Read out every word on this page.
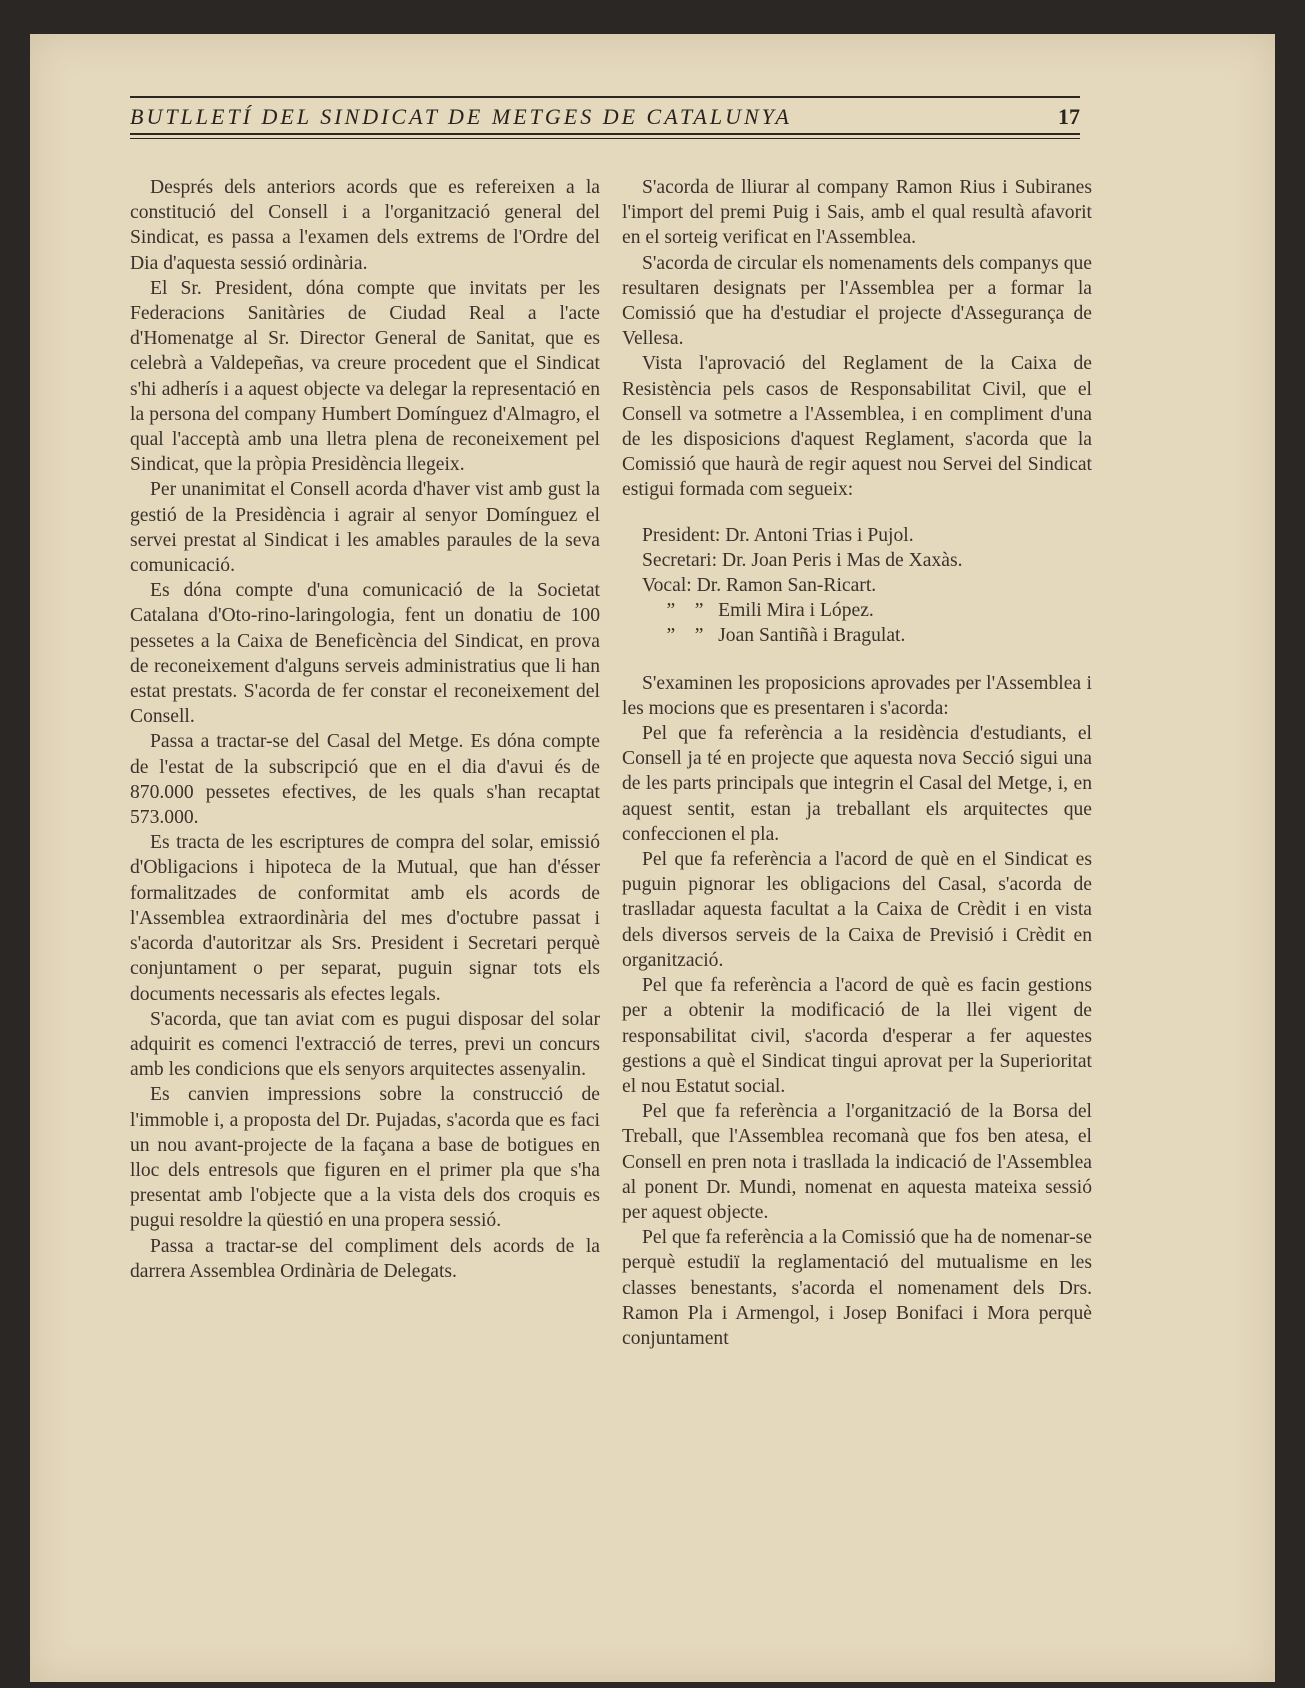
BUTLLETÍ DEL SINDICAT DE METGES DE CATALUNYA	17

Després dels anteriors acords que es refereixen a la constitució del Consell i a l'organització general del Sindicat, es passa a l'examen dels extrems de l'Ordre del Dia d'aquesta sessió ordinària.

El Sr. President, dóna compte que invitats per les Federacions Sanitàries de Ciudad Real a l'acte d'Homenatge al Sr. Director General de Sanitat, que es celebrà a Valdepeñas, va creure procedent que el Sindicat s'hi adherís i a aquest objecte va delegar la representació en la persona del company Humbert Domínguez d'Almagro, el qual l'acceptà amb una lletra plena de reconeixement pel Sindicat, que la pròpia Presidència llegeix.

Per unanimitat el Consell acorda d'haver vist amb gust la gestió de la Presidència i agrair al senyor Domínguez el servei prestat al Sindicat i les amables paraules de la seva comunicació.

Es dóna compte d'una comunicació de la Societat Catalana d'Oto-rino-laringologia, fent un donatiu de 100 pessetes a la Caixa de Beneficència del Sindicat, en prova de reconeixement d'alguns serveis administratius que li han estat prestats. S'acorda de fer constar el reconeixement del Consell.

Passa a tractar-se del Casal del Metge. Es dóna compte de l'estat de la subscripció que en el dia d'avui és de 870.000 pessetes efectives, de les quals s'han recaptat 573.000.

Es tracta de les escriptures de compra del solar, emissió d'Obligacions i hipoteca de la Mutual, que han d'ésser formalitzades de conformitat amb els acords de l'Assemblea extraordinària del mes d'octubre passat i s'acorda d'autoritzar als Srs. President i Secretari perquè conjuntament o per separat, puguin signar tots els documents necessaris als efectes legals.

S'acorda, que tan aviat com es pugui disposar del solar adquirit es comenci l'extracció de terres, previ un concurs amb les condicions que els senyors arquitectes assenyalin.

Es canvien impressions sobre la construcció de l'immoble i, a proposta del Dr. Pujadas, s'acorda que es faci un nou avant-projecte de la façana a base de botigues en lloc dels entresols que figuren en el primer pla que s'ha presentat amb l'objecte que a la vista dels dos croquis es pugui resoldre la qüestió en una propera sessió.

Passa a tractar-se del compliment dels acords de la darrera Assemblea Ordinària de Delegats.

S'acorda de lliurar al company Ramon Rius i Subiranes l'import del premi Puig i Sais, amb el qual resultà afavorit en el sorteig verificat en l'Assemblea.

S'acorda de circular els nomenaments dels companys que resultaren designats per l'Assemblea per a formar la Comissió que ha d'estudiar el projecte d'Assegurança de Vellesa.

Vista l'aprovació del Reglament de la Caixa de Resistència pels casos de Responsabilitat Civil, que el Consell va sotmetre a l'Assemblea, i en compliment d'una de les disposicions d'aquest Reglament, s'acorda que la Comissió que haurà de regir aquest nou Servei del Sindicat estigui formada com segueix:

President: Dr. Antoni Trias i Pujol.

Secretari: Dr. Joan Peris i Mas de Xaxàs.

Vocal: Dr. Ramon San-Ricart.

”    ”   Emili Mira i López.

”    ”   Joan Santiñà i Bragulat.

S'examinen les proposicions aprovades per l'Assemblea i les mocions que es presentaren i s'acorda:

Pel que fa referència a la residència d'estudiants, el Consell ja té en projecte que aquesta nova Secció sigui una de les parts principals que integrin el Casal del Metge, i, en aquest sentit, estan ja treballant els arquitectes que confeccionen el pla.

Pel que fa referència a l'acord de què en el Sindicat es puguin pignorar les obligacions del Casal, s'acorda de traslladar aquesta facultat a la Caixa de Crèdit i en vista dels diversos serveis de la Caixa de Previsió i Crèdit en organització.

Pel que fa referència a l'acord de què es facin gestions per a obtenir la modificació de la llei vigent de responsabilitat civil, s'acorda d'esperar a fer aquestes gestions a què el Sindicat tingui aprovat per la Superioritat el nou Estatut social.

Pel que fa referència a l'organització de la Borsa del Treball, que l'Assemblea recomanà que fos ben atesa, el Consell en pren nota i trasllada la indicació de l'Assemblea al ponent Dr. Mundi, nomenat en aquesta mateixa sessió per aquest objecte.

Pel que fa referència a la Comissió que ha de nomenar-se perquè estudiï la reglamentació del mutualisme en les classes benestants, s'acorda el nomenament dels Drs. Ramon Pla i Armengol, i Josep Bonifaci i Mora perquè conjuntament
